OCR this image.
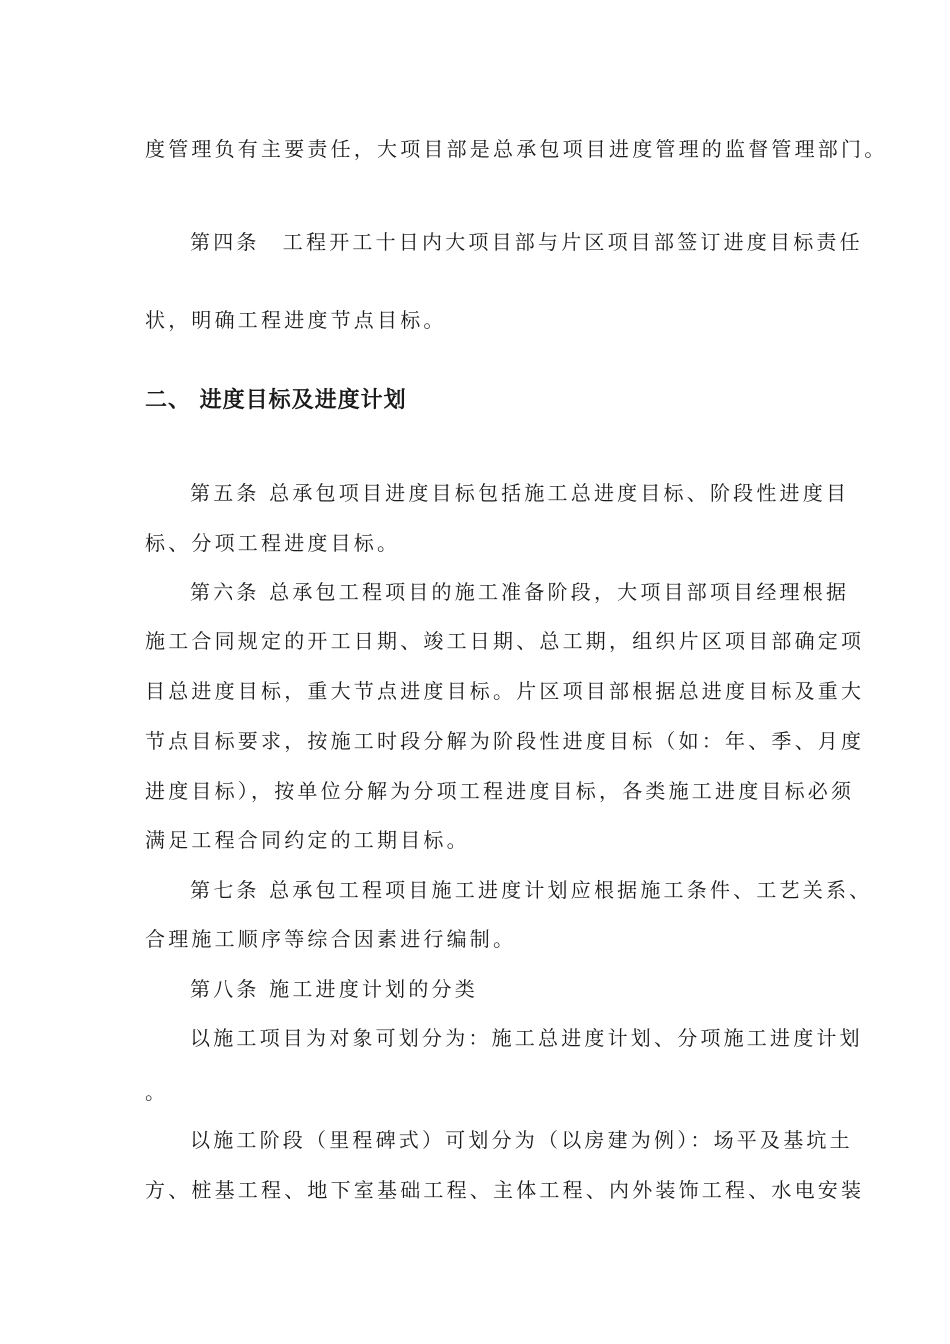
度管理负有主要责任，大项目部是总承包项目进度管理的监督管理部门。
第四条　工程开工十日内大项目部与片区项目部签订进度目标责任
状，明确工程进度节点目标。
二、 进度目标及进度计划
第五条 总承包项目进度目标包括施工总进度目标、阶段性进度目
标、分项工程进度目标。
第六条 总承包工程项目的施工准备阶段，大项目部项目经理根据
施工合同规定的开工日期、竣工日期、总工期，组织片区项目部确定项
目总进度目标，重大节点进度目标。片区项目部根据总进度目标及重大
节点目标要求，按施工时段分解为阶段性进度目标（如：年、季、月度
进度目标），按单位分解为分项工程进度目标，各类施工进度目标必须
满足工程合同约定的工期目标。
第七条 总承包工程项目施工进度计划应根据施工条件、工艺关系、
合理施工顺序等综合因素进行编制。
第八条 施工进度计划的分类
以施工项目为对象可划分为：施工总进度计划、分项施工进度计划
。
以施工阶段（里程碑式）可划分为（以房建为例）：场平及基坑土
方、桩基工程、地下室基础工程、主体工程、内外装饰工程、水电安装
